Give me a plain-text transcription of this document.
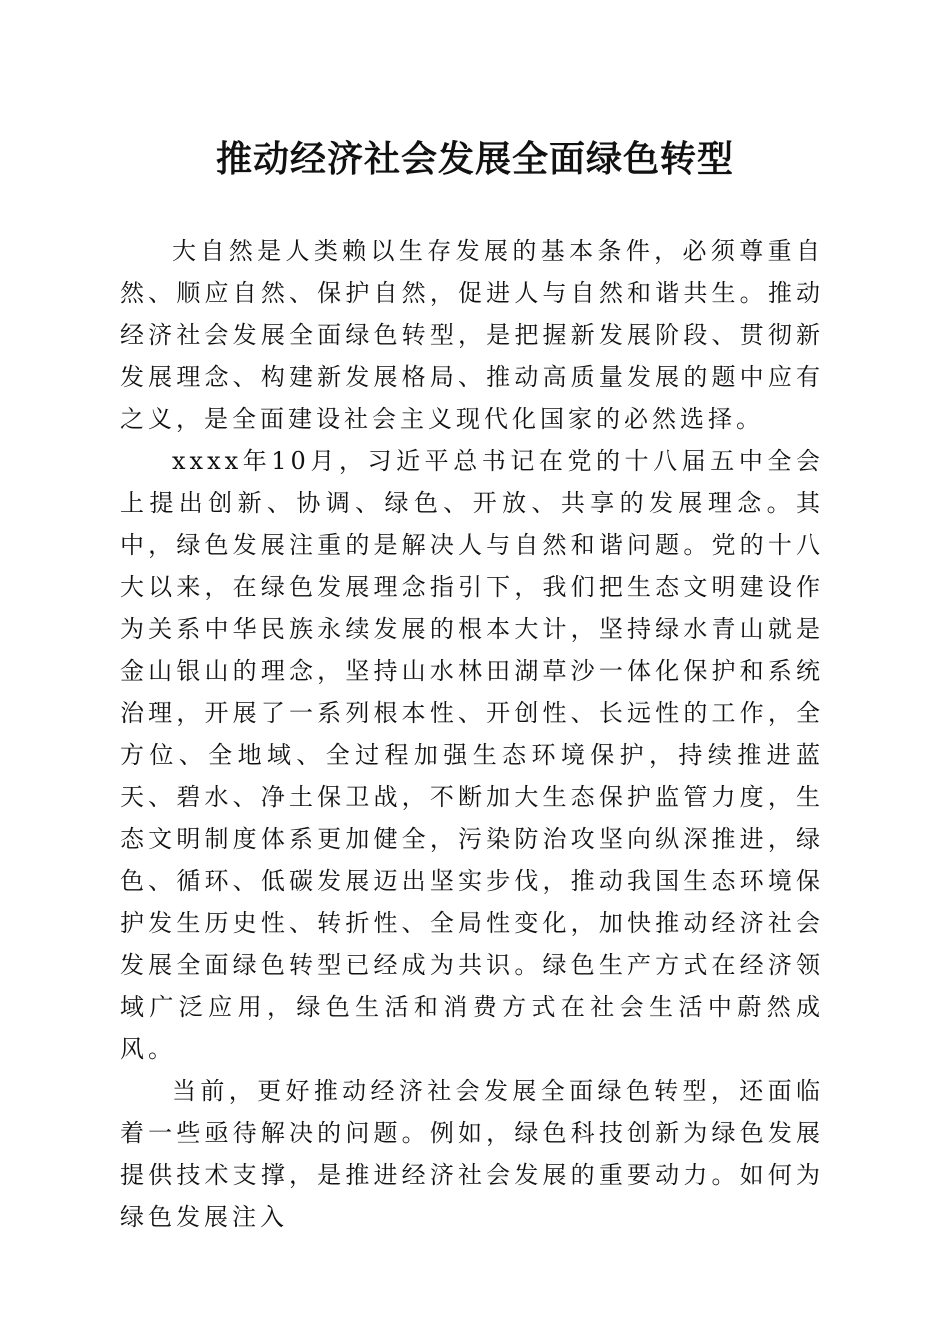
推动经济社会发展全面绿色转型

大自然是人类赖以生存发展的基本条件，必须尊重自然、顺应自然、保护自然，促进人与自然和谐共生。推动经济社会发展全面绿色转型，是把握新发展阶段、贯彻新发展理念、构建新发展格局、推动高质量发展的题中应有之义，是全面建设社会主义现代化国家的必然选择。

xxxx年10月，习近平总书记在党的十八届五中全会上提出创新、协调、绿色、开放、共享的发展理念。其中，绿色发展注重的是解决人与自然和谐问题。党的十八大以来，在绿色发展理念指引下，我们把生态文明建设作为关系中华民族永续发展的根本大计，坚持绿水青山就是金山银山的理念，坚持山水林田湖草沙一体化保护和系统治理，开展了一系列根本性、开创性、长远性的工作，全方位、全地域、全过程加强生态环境保护，持续推进蓝天、碧水、净土保卫战，不断加大生态保护监管力度，生态文明制度体系更加健全，污染防治攻坚向纵深推进，绿色、循环、低碳发展迈出坚实步伐，推动我国生态环境保护发生历史性、转折性、全局性变化，加快推动经济社会发展全面绿色转型已经成为共识。绿色生产方式在经济领域广泛应用，绿色生活和消费方式在社会生活中蔚然成风。

当前，更好推动经济社会发展全面绿色转型，还面临着一些亟待解决的问题。例如，绿色科技创新为绿色发展提供技术支撑，是推进经济社会发展的重要动力。如何为绿色发展注入
